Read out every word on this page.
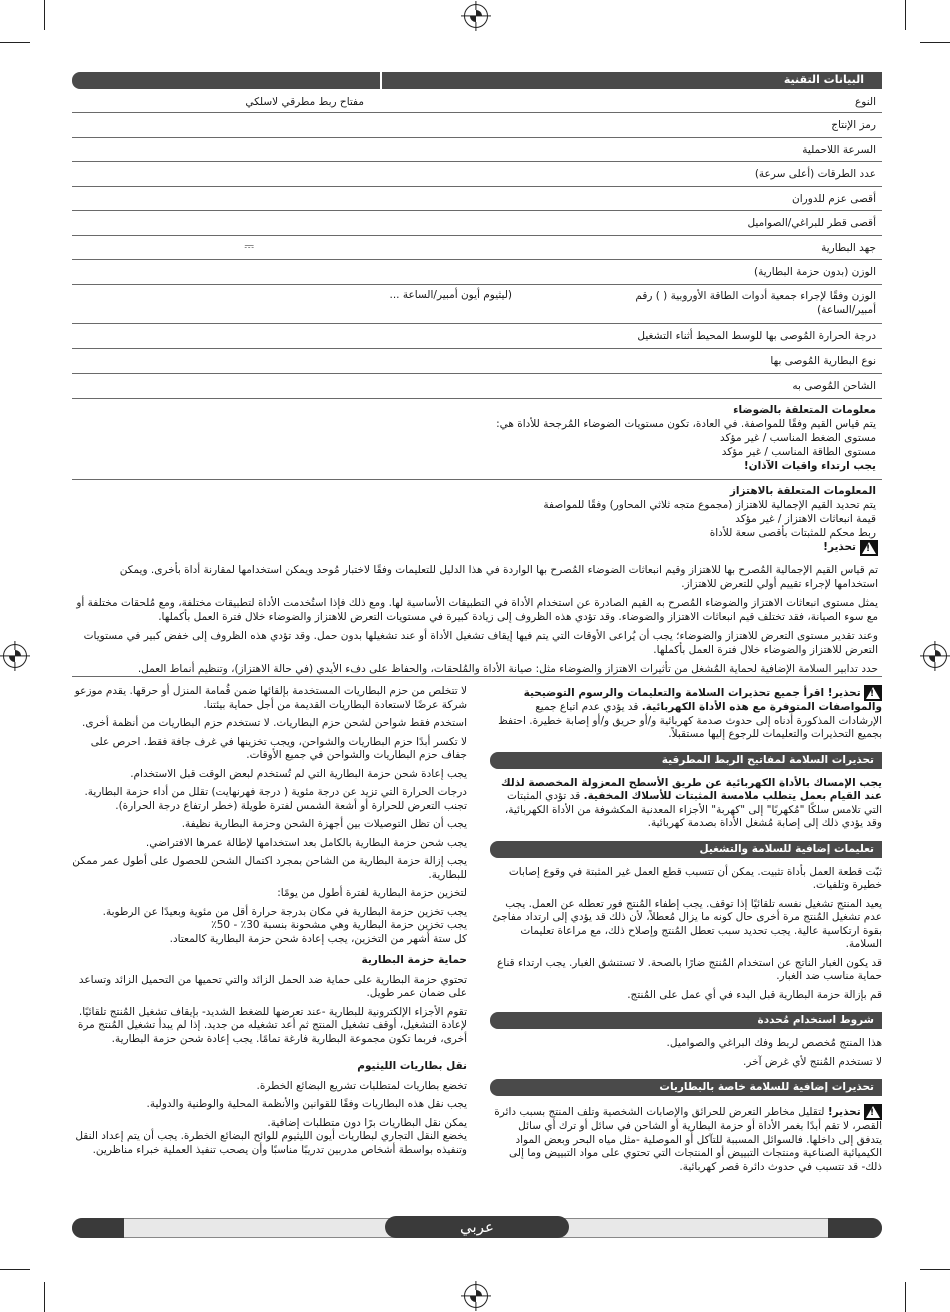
البيانات التقنية
النوع
مفتاح ربط مطرقي لاسلكي
رمز الإنتاج
السرعة اللاحملية
عدد الطرقات (أعلى سرعة)
أقصى عزم للدوران
أقصى قطر للبراغي/الصواميل
جهد البطارية
⎓
الوزن (بدون حزمة البطارية)
الوزن وفقًا لإجراء جمعية أدوات الطاقة الأوروبية ( ) رقم
أمبير/الساعة)
(ليثيوم أيون أمبير/الساعة ...
درجة الحرارة المُوصى بها للوسط المحيط أثناء التشغيل
نوع البطارية المُوصى بها
الشاحن المُوصى به
معلومات المتعلقة بالضوضاء
يتم قياس القيم وفقًا للمواصفة. في العادة، تكون مستويات الضوضاء المُرجحة للأداة هي:
مستوى الضغط المناسب / غير مؤكد
مستوى الطاقة المناسب / غير مؤكد
يجب ارتداء واقيات الآذان!
المعلومات المتعلقة بالاهتزاز
يتم تحديد القيم الإجمالية للاهتزاز (مجموع متجه ثلاثي المحاور) وفقًا للمواصفة
قيمة انبعاثات الاهتزاز / غير مؤكد
ربط محكم للمثبتات بأقصى سعة للأداة
!
تحذير!

تم قياس القيم الإجمالية المُصرح بها للاهتزاز وقيم انبعاثات الضوضاء المُصرح بها الواردة في هذا الدليل للتعليمات وفقًا لاختبار مُوحد ويمكن استخدامها لمقارنة أداة بأخرى. ويمكن استخدامها لإجراء تقييم أولي للتعرض للاهتزاز.

يمثل مستوى انبعاثات الاهتزاز والضوضاء المُصرح به القيم الصادرة عن استخدام الأداة في التطبيقات الأساسية لها. ومع ذلك فإذا استُخدمت الأداة لتطبيقات مختلفة، ومع مُلحقات مختلفة أو مع سوء الصيانة، فقد تختلف قيم انبعاثات الاهتزاز والضوضاء. وقد تؤدي هذه الظروف إلى زيادة كبيرة في مستويات التعرض للاهتزاز والضوضاء خلال فترة العمل بأكملها.

وعند تقدير مستوى التعرض للاهتزاز والضوضاء؛ يجب أن يُراعى الأوقات التي يتم فيها إيقاف تشغيل الأداة أو عند تشغيلها بدون حمل. وقد تؤدي هذه الظروف إلى خفض كبير في مستويات التعرض للاهتزاز والضوضاء خلال فترة العمل بأكملها.

حدد تدابير السلامة الإضافية لحماية المُشغل من تأثيرات الاهتزاز والضوضاء مثل: صيانة الأداة والمُلحقات، والحفاظ على دفء الأيدي (في حالة الاهتزاز)، وتنظيم أنماط العمل.

! تحذير! اقرأ جميع تحذيرات السلامة والتعليمات والرسوم التوضيحية والمواصفات المتوفرة مع هذه الأداة الكهربائية. قد يؤدي عدم اتباع جميع الإرشادات المذكورة أدناه إلى حدوث صدمة كهربائية و/أو حريق و/أو إصابة خطيرة. احتفظ بجميع التحذيرات والتعليمات للرجوع إليها مستقبلاً.

تحذيرات السلامة لمفاتيح الربط المطرقية

يجب الإمساك بالأداة الكهربائية عن طريق الأسطح المعزولة المخصصة لذلك عند القيام بعمل يتطلب ملامسة المثبتات للأسلاك المخفية. قد تؤدي المثبتات التي تلامس سلكًا "مُكهربًا" إلى "كهربة" الأجزاء المعدنية المكشوفة من الأداة الكهربائية، وقد يؤدي ذلك إلى إصابة مُشغل الأداة بصدمة كهربائية.

تعليمات إضافية للسلامة والتشغيل

ثبّت قطعة العمل بأداة تثبيت. يمكن أن تتسبب قطع العمل غير المثبتة في وقوع إصابات خطيرة وتلفيات.

يعيد المنتج تشغيل نفسه تلقائيًا إذا توقف. يجب إطفاء المُنتج فور تعطله عن العمل. يجب عدم تشغيل المُنتج مرة أخرى حال كونه ما يزال مُعطلاً، لأن ذلك قد يؤدي إلى ارتداد مفاجئ بقوة ارتكاسية عالية. يجب تحديد سبب تعطل المُنتج وإصلاح ذلك، مع مراعاة تعليمات السلامة.

قد يكون الغبار الناتج عن استخدام المُنتج ضارًا بالصحة. لا تستنشق الغبار. يجب ارتداء قناع حماية مناسب ضد الغبار.

قم بإزالة حزمة البطارية قبل البدء في أي عمل على المُنتج.

شروط استخدام مُحددة

هذا المنتج مُخصص لربط وفك البراغي والصواميل.

لا تستخدم المُنتج لأي غرض آخر.

تحذيرات إضافية للسلامة خاصة بالبطاريات

! تحذير! لتقليل مخاطر التعرض للحرائق والإصابات الشخصية وتلف المنتج بسبب دائرة القصر، لا تقم أبدًا بغمر الأداة أو حزمة البطارية أو الشاحن في سائل أو ترك أي سائل يتدفق إلى داخلها. فالسوائل المسببة للتآكل أو الموصلية -مثل مياه البحر وبعض المواد الكيميائية الصناعية ومنتجات التبييض أو المنتجات التي تحتوي على مواد التبييض وما إلى ذلك- قد تتسبب في حدوث دائرة قصر كهربائية.

لا تتخلص من حزم البطاريات المستخدمة بإلقائها ضمن قُمامة المنزل أو حرقها. يقدم موزعو شركة عرضًا لاستعادة البطاريات القديمة من أجل حماية بيئتنا.

استخدم فقط شواحن لشحن حزم البطاريات. لا تستخدم حزم البطاريات من أنظمة أخرى.

لا تكسر أبدًا حزم البطاريات والشواحن، ويجب تخزينها في غرف جافة فقط. احرص على جفاف حزم البطاريات والشواحن في جميع الأوقات.

يجب إعادة شحن حزمة البطارية التي لم تُستخدم لبعض الوقت قبل الاستخدام.

درجات الحرارة التي تزيد عن درجة مئوية ( درجة فهرنهايت) تقلل من أداء حزمة البطارية. تجنب التعرض للحرارة أو أشعة الشمس لفترة طويلة (خطر ارتفاع درجة الحرارة).

يجب أن تظل التوصيلات بين أجهزة الشحن وحزمة البطارية نظيفة.

يجب شحن حزمة البطارية بالكامل بعد استخدامها لإطالة عمرها الافتراضي.

يجب إزالة حزمة البطارية من الشاحن بمجرد اكتمال الشحن للحصول على أطول عمر ممكن للبطارية.

لتخزين حزمة البطارية لفترة أطول من يومًا:

يجب تخزين حزمة البطارية في مكان بدرجة حرارة أقل من مئوية وبعيدًا عن الرطوبة.

يجب تخزين حزمة البطارية وهي مشحونة بنسبة 30٪ - 50٪

كل ستة أشهر من التخزين، يجب إعادة شحن حزمة البطارية كالمعتاد.

حماية حزمة البطارية

تحتوي حزمة البطارية على حماية ضد الحمل الزائد والتي تحميها من التحميل الزائد وتساعد على ضمان عمر طويل.

تقوم الأجزاء الإلكترونية للبطارية -عند تعرضها للضغط الشديد- بإيقاف تشغيل المُنتج تلقائيًا. لإعادة التشغيل، أوقف تشغيل المنتج ثم أعد تشغيله من جديد. إذا لم يبدأ تشغيل المُنتج مرة أخرى، فربما تكون مجموعة البطارية فارغة تمامًا. يجب إعادة شحن حزمة البطارية.

نقل بطاريات الليثيوم

تخضع بطاريات لمتطلبات تشريع البضائع الخطرة.

يجب نقل هذه البطاريات وفقًا للقوانين والأنظمة المحلية والوطنية والدولية.

يمكن نقل البطاريات برًا دون متطلبات إضافية.

يخضع النقل التجاري لبطاريات أيون الليثيوم للوائح البضائع الخطرة. يجب أن يتم إعداد النقل وتنفيذه بواسطة أشخاص مدربين تدريبًا مناسبًا وأن يصحب تنفيذ العملية خبراء مناظرين.

عربي
